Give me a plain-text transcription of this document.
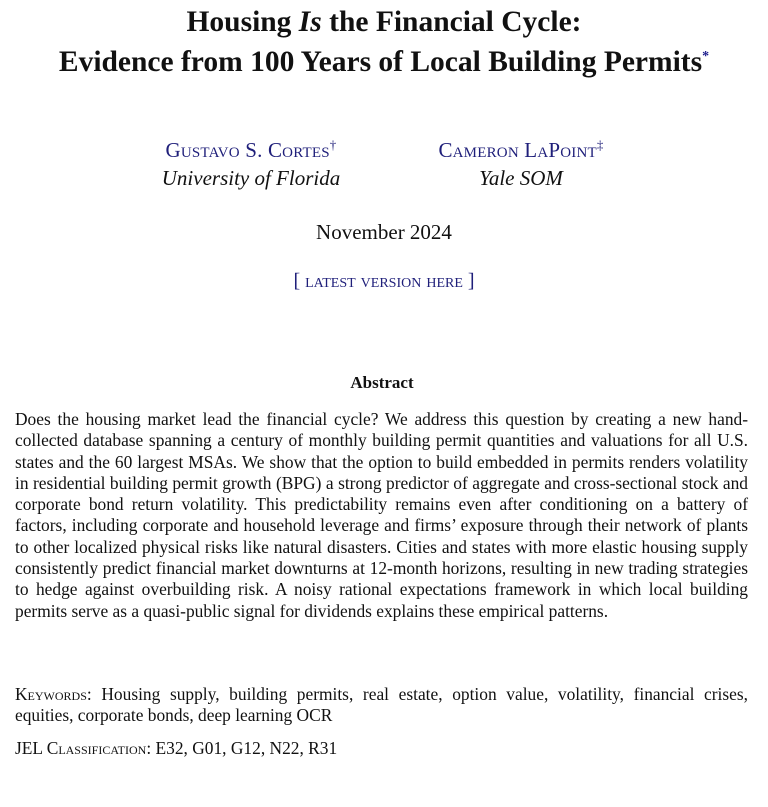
Housing Is the Financial Cycle:
Evidence from 100 Years of Local Building Permits*
Gustavo S. Cortes†
University of Florida
Cameron LaPoint‡
Yale SOM
November 2024
[ latest version here ]
Abstract
Does the housing market lead the financial cycle? We address this question by creating a new hand-collected database spanning a century of monthly building permit quantities and valuations for all U.S. states and the 60 largest MSAs. We show that the option to build embedded in permits renders volatility in residential building permit growth (BPG) a strong predictor of aggregate and cross-sectional stock and corporate bond return volatility. This predictability remains even after conditioning on a battery of factors, including corporate and household leverage and firms’ exposure through their network of plants to other localized physical risks like natural disasters. Cities and states with more elastic housing supply consistently predict financial market downturns at 12-month horizons, resulting in new trading strategies to hedge against overbuilding risk. A noisy rational expectations framework in which local building permits serve as a quasi-public signal for dividends explains these empirical patterns.
Keywords: Housing supply, building permits, real estate, option value, volatility, financial crises, equities, corporate bonds, deep learning OCR
JEL Classification: E32, G01, G12, N22, R31
